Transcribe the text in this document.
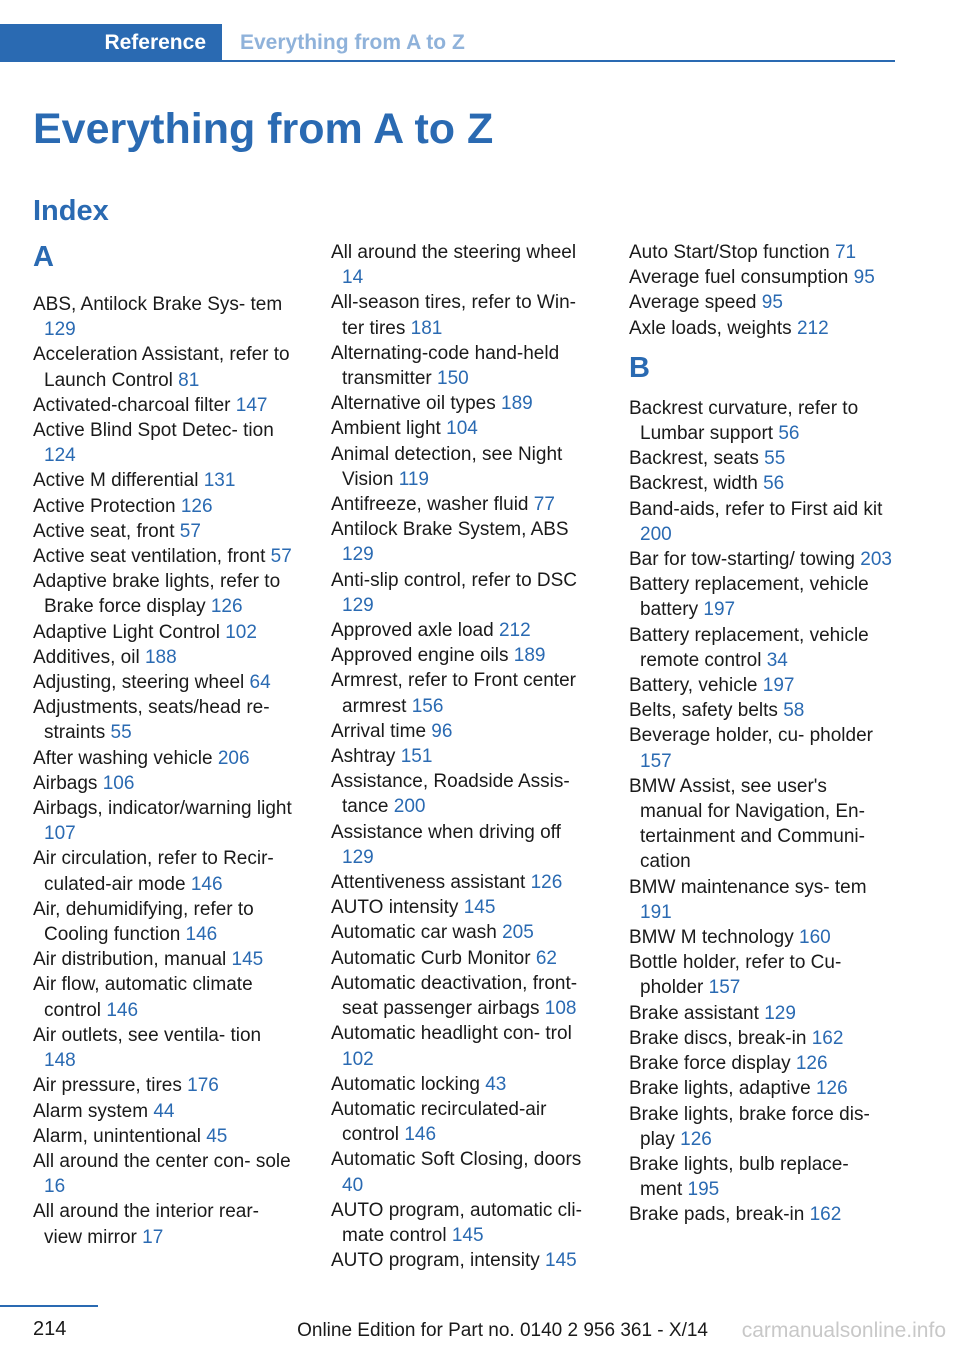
Reference	Everything from A to Z
Everything from A to Z
Index
A
ABS, Antilock Brake Sys‐ tem 129
Acceleration Assistant, refer to Launch Control 81
Activated-charcoal filter 147
Active Blind Spot Detec‐ tion 124
Active M differential 131
Active Protection 126
Active seat, front 57
Active seat ventilation, front 57
Adaptive brake lights, refer to Brake force display 126
Adaptive Light Control 102
Additives, oil 188
Adjusting, steering wheel 64
Adjustments, seats/head re‐ straints 55
After washing vehicle 206
Airbags 106
Airbags, indicator/warning light 107
Air circulation, refer to Recir‐ culated-air mode 146
Air, dehumidifying, refer to Cooling function 146
Air distribution, manual 145
Air flow, automatic climate control 146
Air outlets, see ventila‐ tion 148
Air pressure, tires 176
Alarm system 44
Alarm, unintentional 45
All around the center con‐ sole 16
All around the interior rear‐ view mirror 17
All around the steering wheel 14
All-season tires, refer to Win‐ ter tires 181
Alternating-code hand-held transmitter 150
Alternative oil types 189
Ambient light 104
Animal detection, see Night Vision 119
Antifreeze, washer fluid 77
Antilock Brake System, ABS 129
Anti-slip control, refer to DSC 129
Approved axle load 212
Approved engine oils 189
Armrest, refer to Front center armrest 156
Arrival time 96
Ashtray 151
Assistance, Roadside Assis‐ tance 200
Assistance when driving off 129
Attentiveness assistant 126
AUTO intensity 145
Automatic car wash 205
Automatic Curb Monitor 62
Automatic deactivation, front- seat passenger airbags 108
Automatic headlight con‐ trol 102
Automatic locking 43
Automatic recirculated-air control 146
Automatic Soft Closing, doors 40
AUTO program, automatic cli‐ mate control 145
AUTO program, intensity 145
Auto Start/Stop function 71
Average fuel consumption 95
Average speed 95
Axle loads, weights 212
B
Backrest curvature, refer to Lumbar support 56
Backrest, seats 55
Backrest, width 56
Band-aids, refer to First aid kit 200
Bar for tow-starting/ towing 203
Battery replacement, vehicle battery 197
Battery replacement, vehicle remote control 34
Battery, vehicle 197
Belts, safety belts 58
Beverage holder, cu‐ pholder 157
BMW Assist, see user's manual for Navigation, En‐ tertainment and Communi‐ cation
BMW maintenance sys‐ tem 191
BMW M technology 160
Bottle holder, refer to Cu‐ pholder 157
Brake assistant 129
Brake discs, break-in 162
Brake force display 126
Brake lights, adaptive 126
Brake lights, brake force dis‐ play 126
Brake lights, bulb replace‐ ment 195
Brake pads, break-in 162
214	Online Edition for Part no. 0140 2 956 361 - X/14 carmanualsonline.info
